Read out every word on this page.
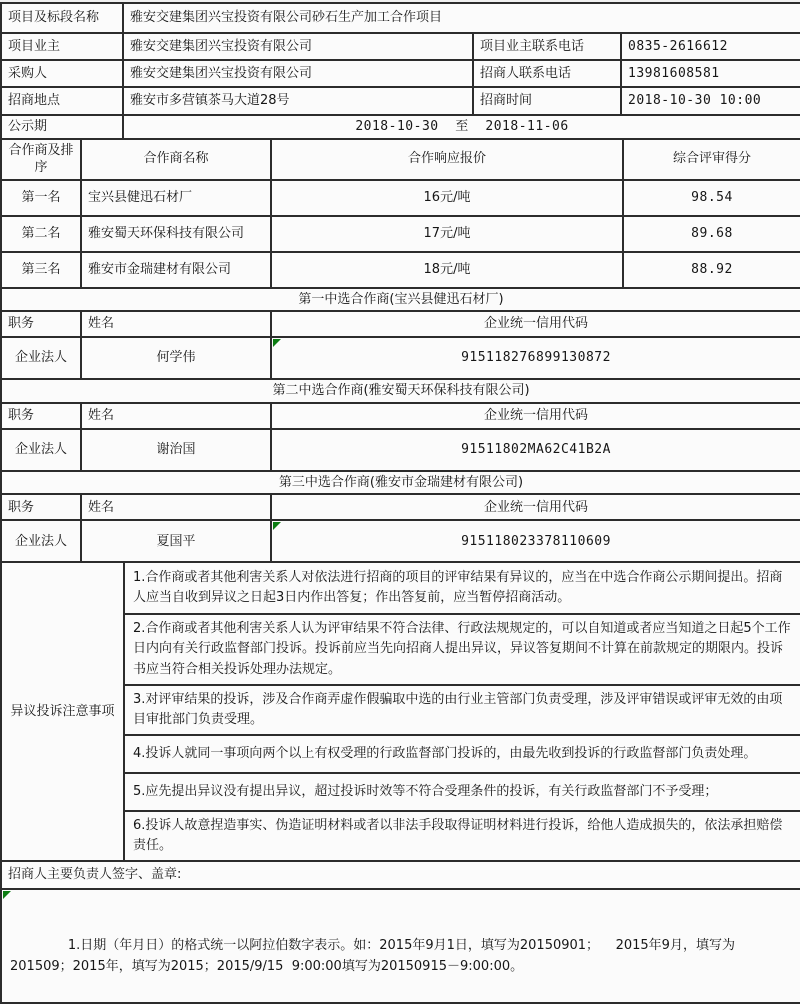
项目及标段名称	雅安交建集团兴宝投资有限公司砂石生产加工合作项目		
项目业主	雅安交建集团兴宝投资有限公司	项目业主联系电话	0835-2616612
采购人	雅安交建集团兴宝投资有限公司	招商人联系电话	13981608581
招商地点	雅安市多营镇茶马大道28号	招商时间	2018-10-30 10:00
公示期	2018-10-30  至  2018-11-06		
合作商及排序	合作商名称	合作响应报价	综合评审得分
第一名	宝兴县健迅石材厂	16元/吨	98.54
第二名	雅安蜀天环保科技有限公司	17元/吨	89.68
第三名	雅安市金瑞建材有限公司	18元/吨	88.92
第一中选合作商(宝兴县健迅石材厂)		
职务	姓名	企业统一信用代码
企业法人	何学伟	915118276899130872
第二中选合作商(雅安蜀天环保科技有限公司)		
职务	姓名	企业统一信用代码
企业法人	谢治国	91511802MA62C41B2A
第三中选合作商(雅安市金瑞建材有限公司)		
职务	姓名	企业统一信用代码
企业法人	夏国平	915118023378110609
异议投诉注意事项	1.合作商或者其他利害关系人对依法进行招商的项目的评审结果有异议的，应当在中选合作商公示期间提出。招商人应当自收到异议之日起3日内作出答复；作出答复前，应当暂停招商活动。
2.合作商或者其他利害关系人认为评审结果不符合法律、行政法规规定的，可以自知道或者应当知道之日起5个工作日内向有关行政监督部门投诉。投诉前应当先向招商人提出异议，异议答复期间不计算在前款规定的期限内。投诉书应当符合相关投诉处理办法规定。
3.对评审结果的投诉，涉及合作商弄虚作假骗取中选的由行业主管部门负责受理，涉及评审错误或评审无效的由项目审批部门负责受理。
4.投诉人就同一事项向两个以上有权受理的行政监督部门投诉的，由最先收到投诉的行政监督部门负责处理。
5.应先提出异议没有提出异议，超过投诉时效等不符合受理条件的投诉，有关行政监督部门不予受理；
6.投诉人故意捏造事实、伪造证明材料或者以非法手段取得证明材料进行投诉，给他人造成损失的，依法承担赔偿责任。
招商人主要负责人签字、盖章:

1.日期（年月日）的格式统一以阿拉伯数字表示。如：2015年9月1日，填写为20150901；    2015年9月，填写为201509；2015年，填写为2015；2015/9/15  9:00:00填写为20150915－9:00:00。
